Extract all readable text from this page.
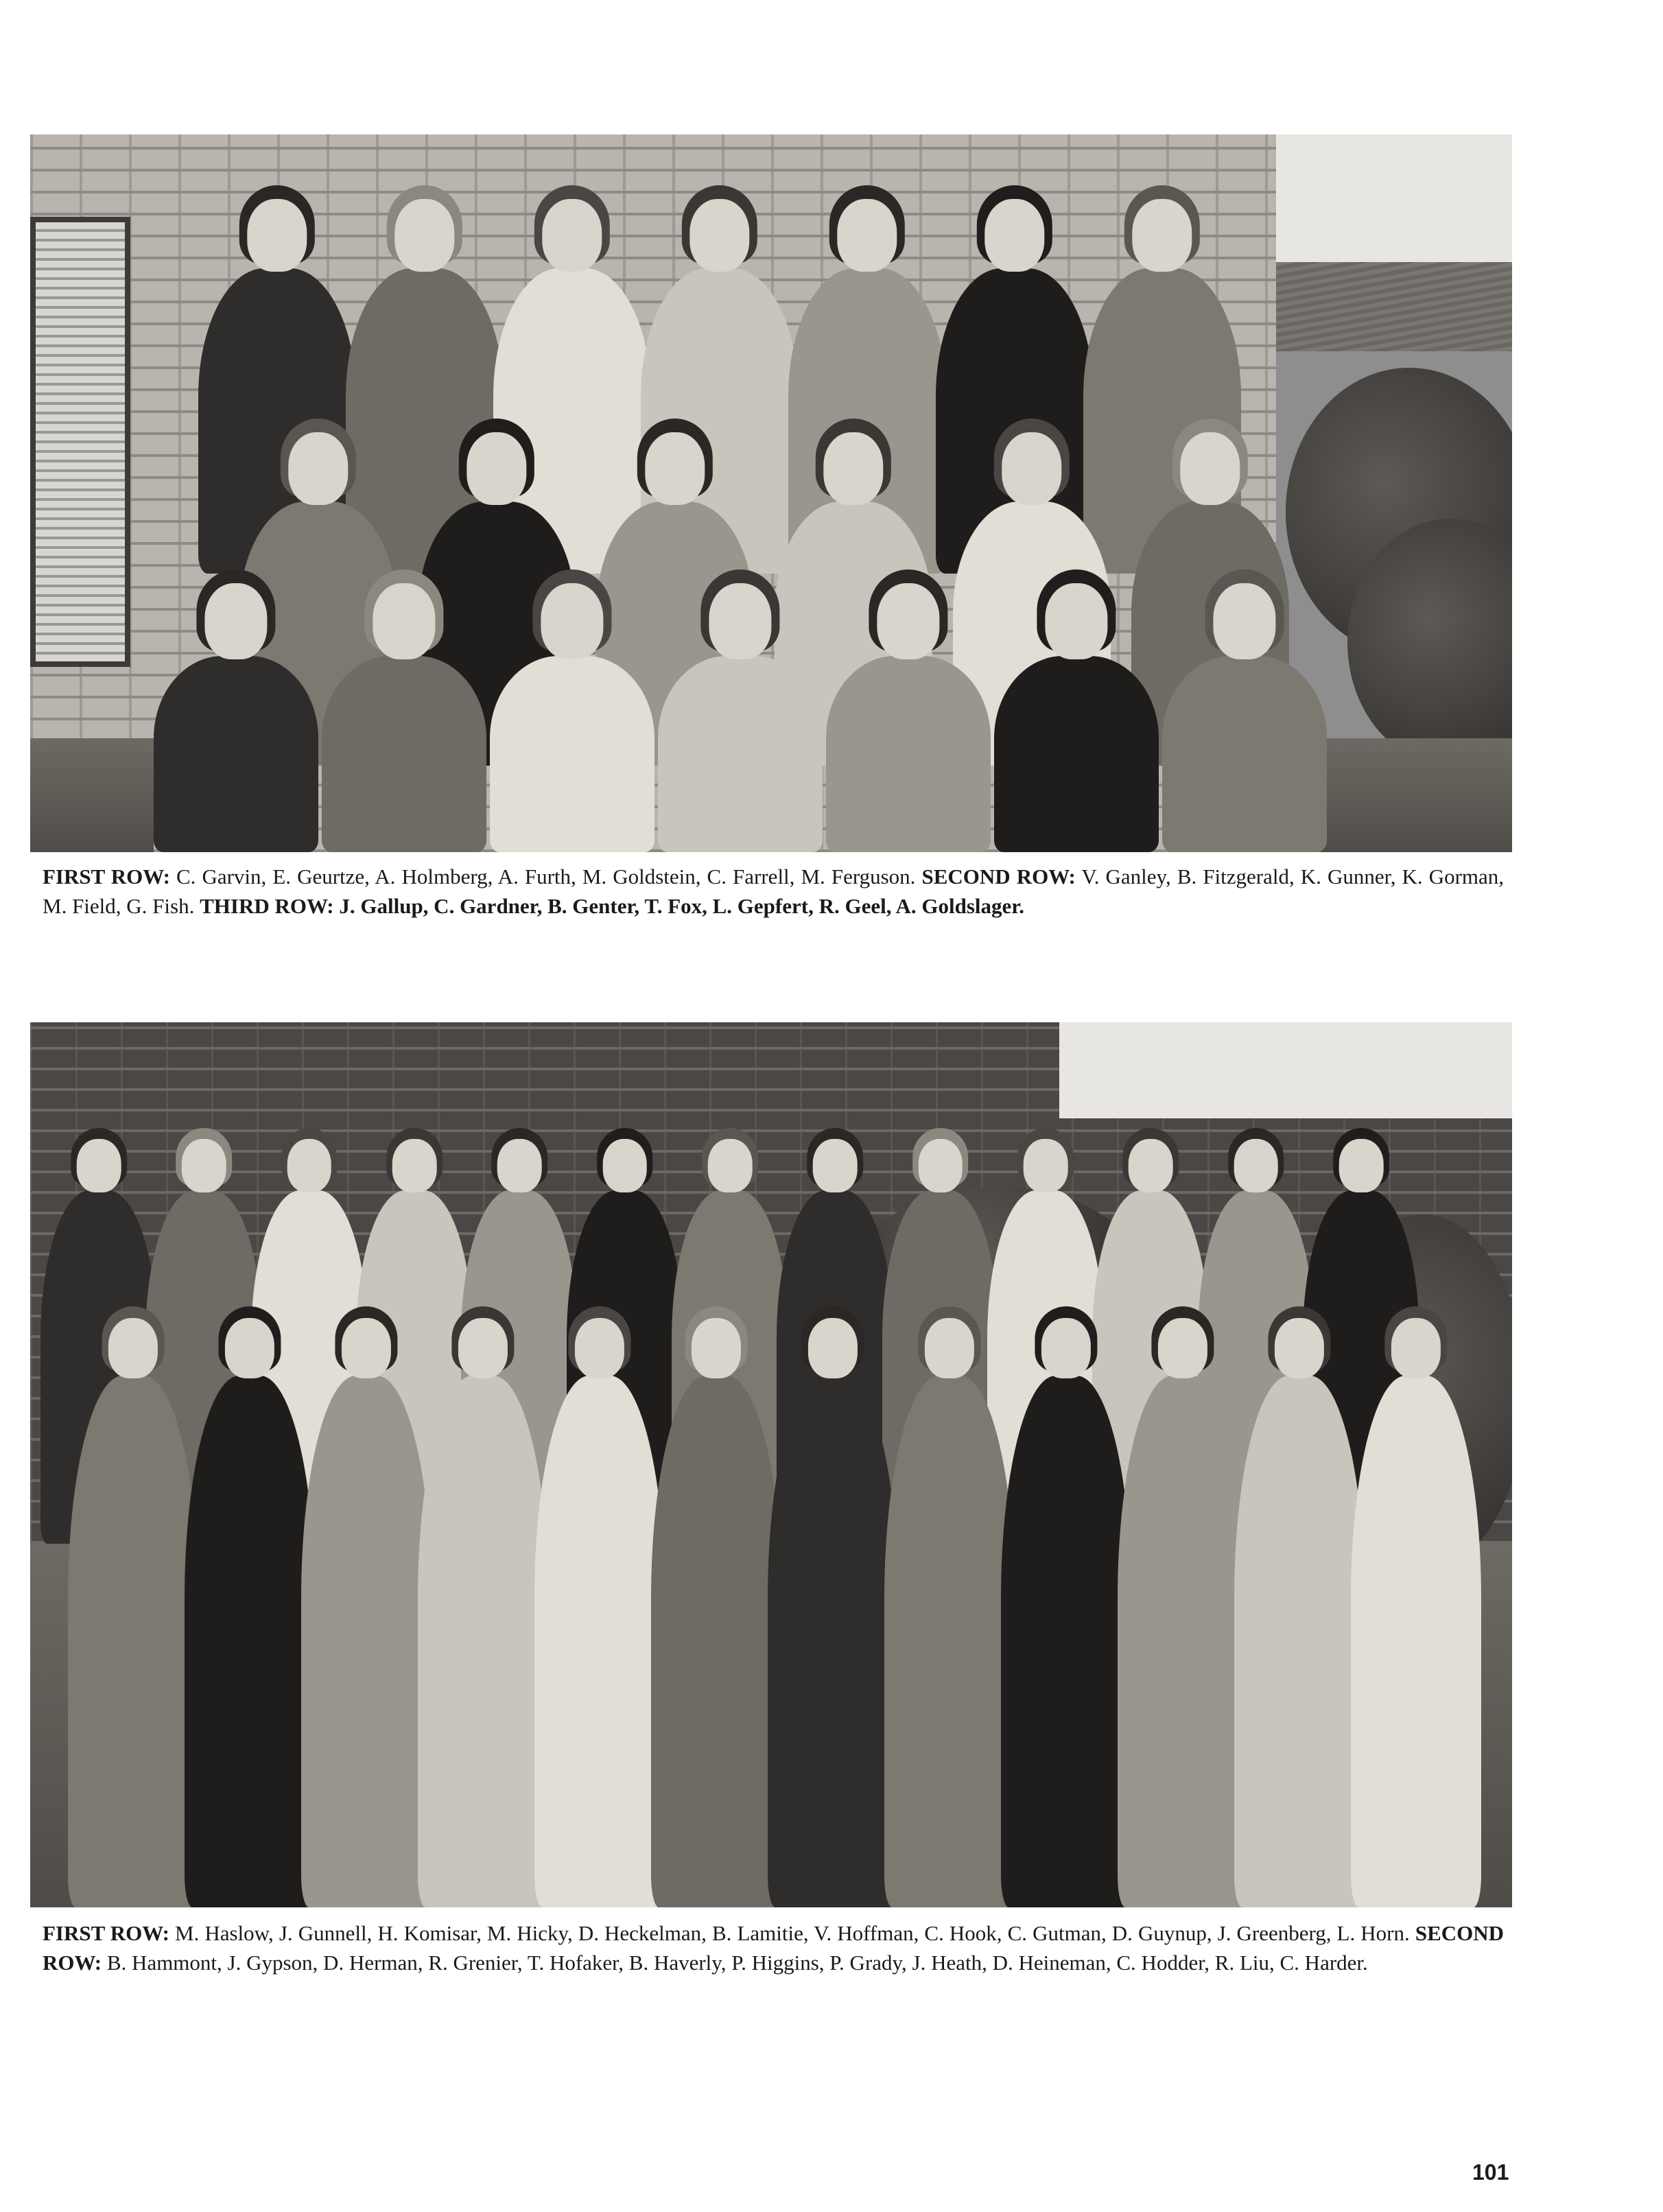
FIRST ROW: C. Garvin, E. Geurtze, A. Holmberg, A. Furth, M. Goldstein, C. Farrell, M. Ferguson. SECOND ROW: V. Ganley, B. Fitzgerald, K. Gunner, K. Gorman, M. Field, G. Fish. THIRD ROW: J. Gallup, C. Gardner, B. Genter, T. Fox, L. Gepfert, R. Geel, A. Goldslager.
FIRST ROW: M. Haslow, J. Gunnell, H. Komisar, M. Hicky, D. Heckelman, B. Lamitie, V. Hoffman, C. Hook, C. Gutman, D. Guynup, J. Greenberg, L. Horn. SECOND ROW: B. Hammont, J. Gypson, D. Herman, R. Grenier, T. Hofaker, B. Haverly, P. Higgins, P. Grady, J. Heath, D. Heineman, C. Hodder, R. Liu, C. Harder.
101
